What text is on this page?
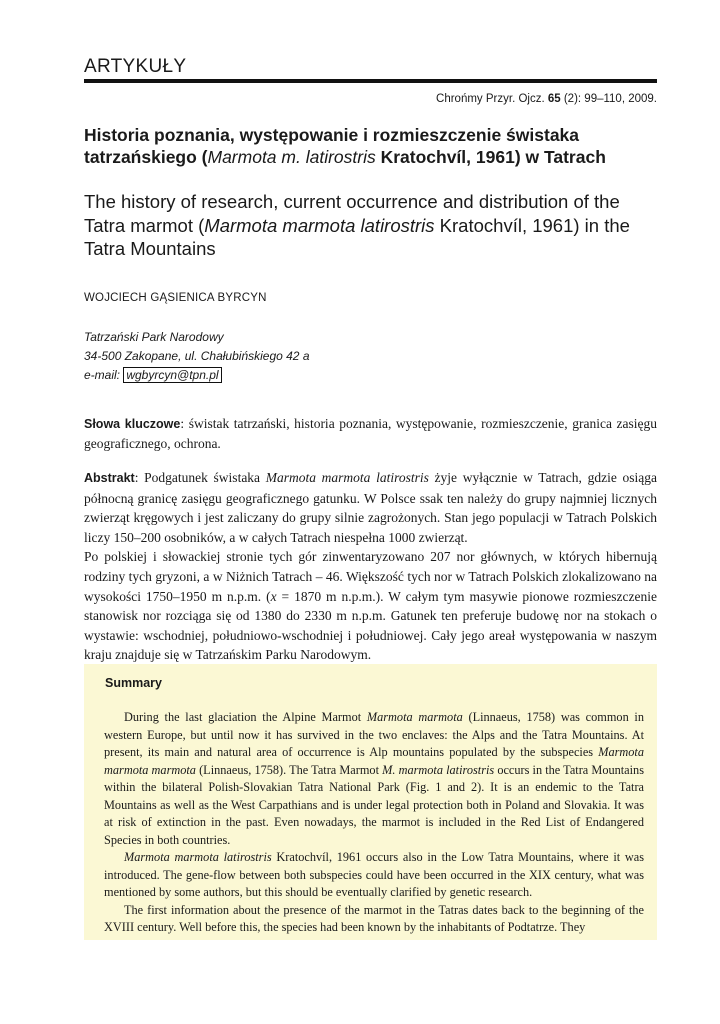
ARTYKUŁY
Chrońmy Przyr. Ojcz. 65 (2): 99–110, 2009.
Historia poznania, występowanie i rozmieszczenie świstaka tatrzańskiego (Marmota m. latirostris Kratochvíl, 1961) w Tatrach
The history of research, current occurrence and distribution of the Tatra marmot (Marmota marmota latirostris Kratochvíl, 1961) in the Tatra Mountains
WOJCIECH GĄSIENICA BYRCYN
Tatrzański Park Narodowy
34-500 Zakopane, ul. Chałubińskiego 42 a
e-mail: wgbyrcyn@tpn.pl
Słowa kluczowe: świstak tatrzański, historia poznania, występowanie, rozmieszczenie, granica zasięgu geograficznego, ochrona.
Abstrakt: Podgatunek świstaka Marmota marmota latirostris żyje wyłącznie w Tatrach, gdzie osiąga północną granicę zasięgu geograficznego gatunku. W Polsce ssak ten należy do grupy najmniej licznych zwierząt kręgowych i jest zaliczany do grupy silnie zagrożonych. Stan jego populacji w Tatrach Polskich liczy 150–200 osobników, a w całych Tatrach niespełna 1000 zwierząt.
Po polskiej i słowackiej stronie tych gór zinwentaryzowano 207 nor głównych, w których hibernują rodziny tych gryzoni, a w Niżnich Tatrach – 46. Większość tych nor w Tatrach Polskich zlokalizowano na wysokości 1750–1950 m n.p.m. (x = 1870 m n.p.m.). W całym tym masywie pionowe rozmieszczenie stanowisk nor rozciąga się od 1380 do 2330 m n.p.m. Gatunek ten preferuje budowę nor na stokach o wystawie: wschodniej, południowo-wschodniej i południowej. Cały jego areał występowania w naszym kraju znajduje się w Tatrzańskim Parku Narodowym.
Summary

During the last glaciation the Alpine Marmot Marmota marmota (Linnaeus, 1758) was common in western Europe, but until now it has survived in the two enclaves: the Alps and the Tatra Mountains. At present, its main and natural area of occurrence is Alp mountains populated by the subspecies Marmota marmota marmota (Linnaeus, 1758). The Tatra Marmot M. marmota latirostris occurs in the Tatra Mountains within the bilateral Polish-Slovakian Tatra National Park (Fig. 1 and 2). It is an endemic to the Tatra Mountains as well as the West Carpathians and is under legal protection both in Poland and Slovakia. It was at risk of extinction in the past. Even nowadays, the marmot is included in the Red List of Endangered Species in both countries.

Marmota marmota latirostris Kratochvíl, 1961 occurs also in the Low Tatra Mountains, where it was introduced. The gene-flow between both subspecies could have been occurred in the XIX century, what was mentioned by some authors, but this should be eventually clarified by genetic research.

The first information about the presence of the marmot in the Tatras dates back to the beginning of the XVIII century. Well before this, the species had been known by the inhabitants of Podtatrze. They
